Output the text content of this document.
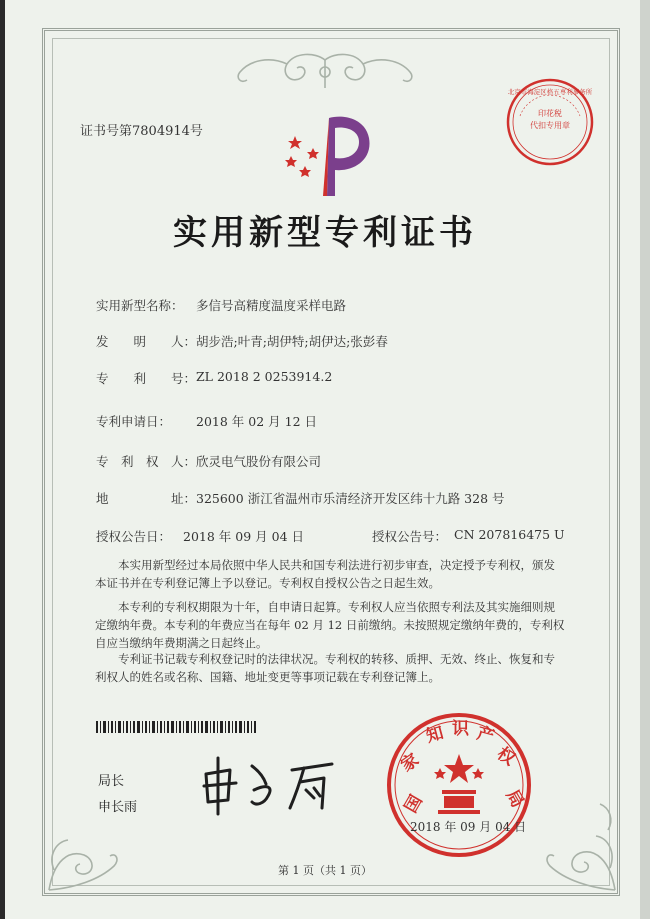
证书号第7804914号
印花税
代扣专用章
北京市海淀区格五専利事务所
实用新型专利证书
实用新型名称： 多信号高精度温度采样电路
发　　明　　人： 胡步浩;叶青;胡伊特;胡伊达;张彭春
专　　利　　号： ZL 2018 2 0253914.2
专利申请日： 2018 年 02 月 12 日
专　利　权　人： 欣灵电气股份有限公司
地　　　　　址： 325600 浙江省温州市乐清经济开发区纬十九路 328 号
授权公告日： 2018 年 09 月 04 日	授权公告号： CN 207816475 U
本实用新型经过本局依照中华人民共和国专利法进行初步审查，决定授予专利权，颁发
本证书并在专利登记簿上予以登记。专利权自授权公告之日起生效。
本专利的专利权期限为十年，自申请日起算。专利权人应当依照专利法及其实施细则规
定缴纳年费。本专利的年费应当在每年 02 月 12 日前缴纳。未按照规定缴纳年费的，专利权
自应当缴纳年费期满之日起终止。
专利证书记载专利权登记时的法律状况。专利权的转移、质押、无效、终止、恢复和专
利权人的姓名或名称、国籍、地址变更等事项记载在专利登记簿上。
局长
申长雨	国
家
知 识 产
权
局
2018 年 09 月 04 日
第 1 页（共 1 页）
